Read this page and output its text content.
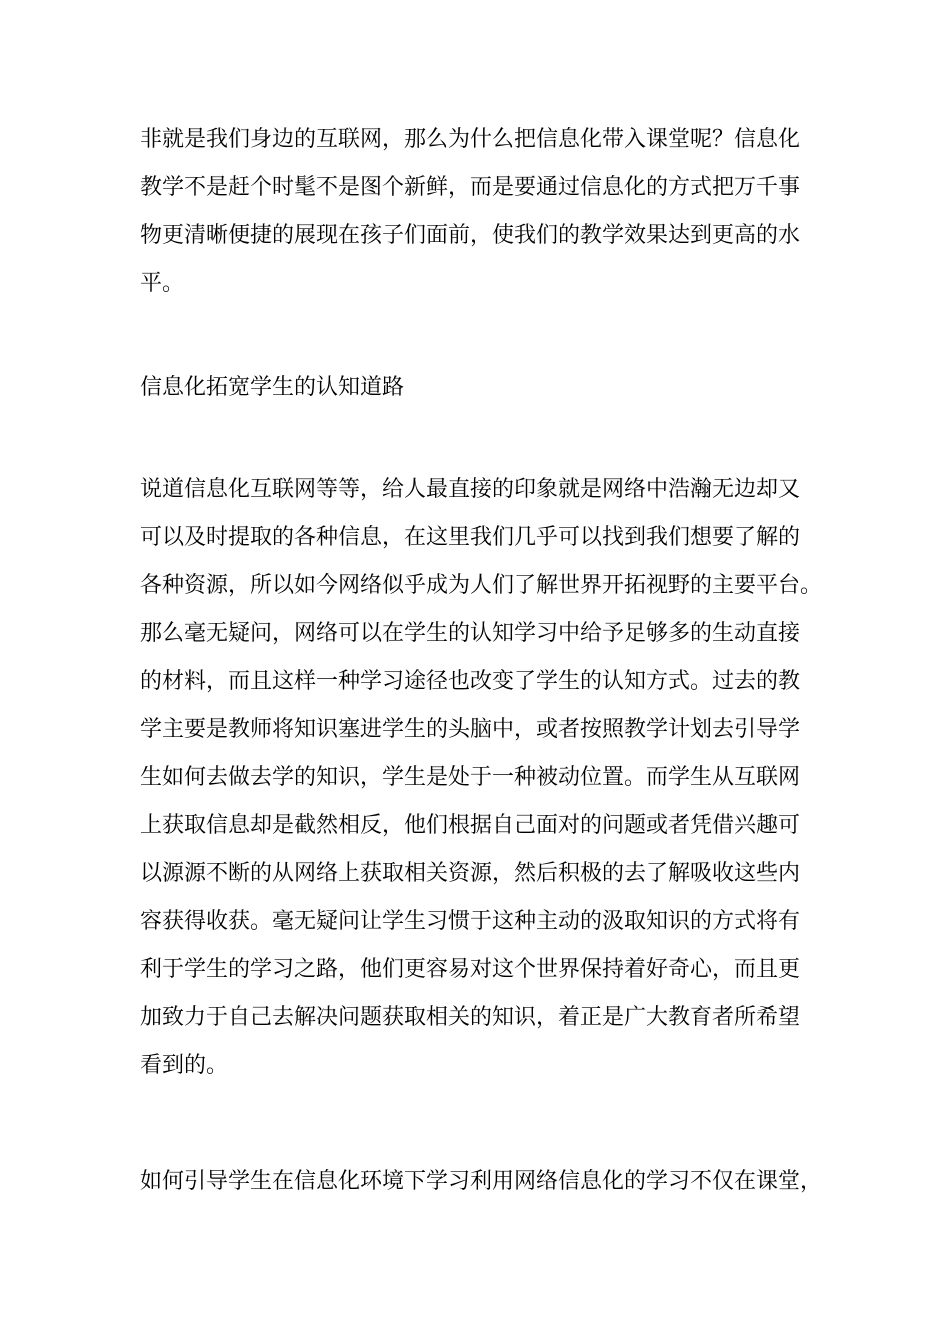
非就是我们身边的互联网，那么为什么把信息化带入课堂呢？信息化
教学不是赶个时髦不是图个新鲜，而是要通过信息化的方式把万千事
物更清晰便捷的展现在孩子们面前，使我们的教学效果达到更高的水
平。
信息化拓宽学生的认知道路
说道信息化互联网等等，给人最直接的印象就是网络中浩瀚无边却又
可以及时提取的各种信息，在这里我们几乎可以找到我们想要了解的
各种资源，所以如今网络似乎成为人们了解世界开拓视野的主要平台。
那么毫无疑问，网络可以在学生的认知学习中给予足够多的生动直接
的材料，而且这样一种学习途径也改变了学生的认知方式。过去的教
学主要是教师将知识塞进学生的头脑中，或者按照教学计划去引导学
生如何去做去学的知识，学生是处于一种被动位置。而学生从互联网
上获取信息却是截然相反，他们根据自己面对的问题或者凭借兴趣可
以源源不断的从网络上获取相关资源，然后积极的去了解吸收这些内
容获得收获。毫无疑问让学生习惯于这种主动的汲取知识的方式将有
利于学生的学习之路，他们更容易对这个世界保持着好奇心，而且更
加致力于自己去解决问题获取相关的知识，着正是广大教育者所希望
看到的。
如何引导学生在信息化环境下学习利用网络信息化的学习不仅在课堂，
